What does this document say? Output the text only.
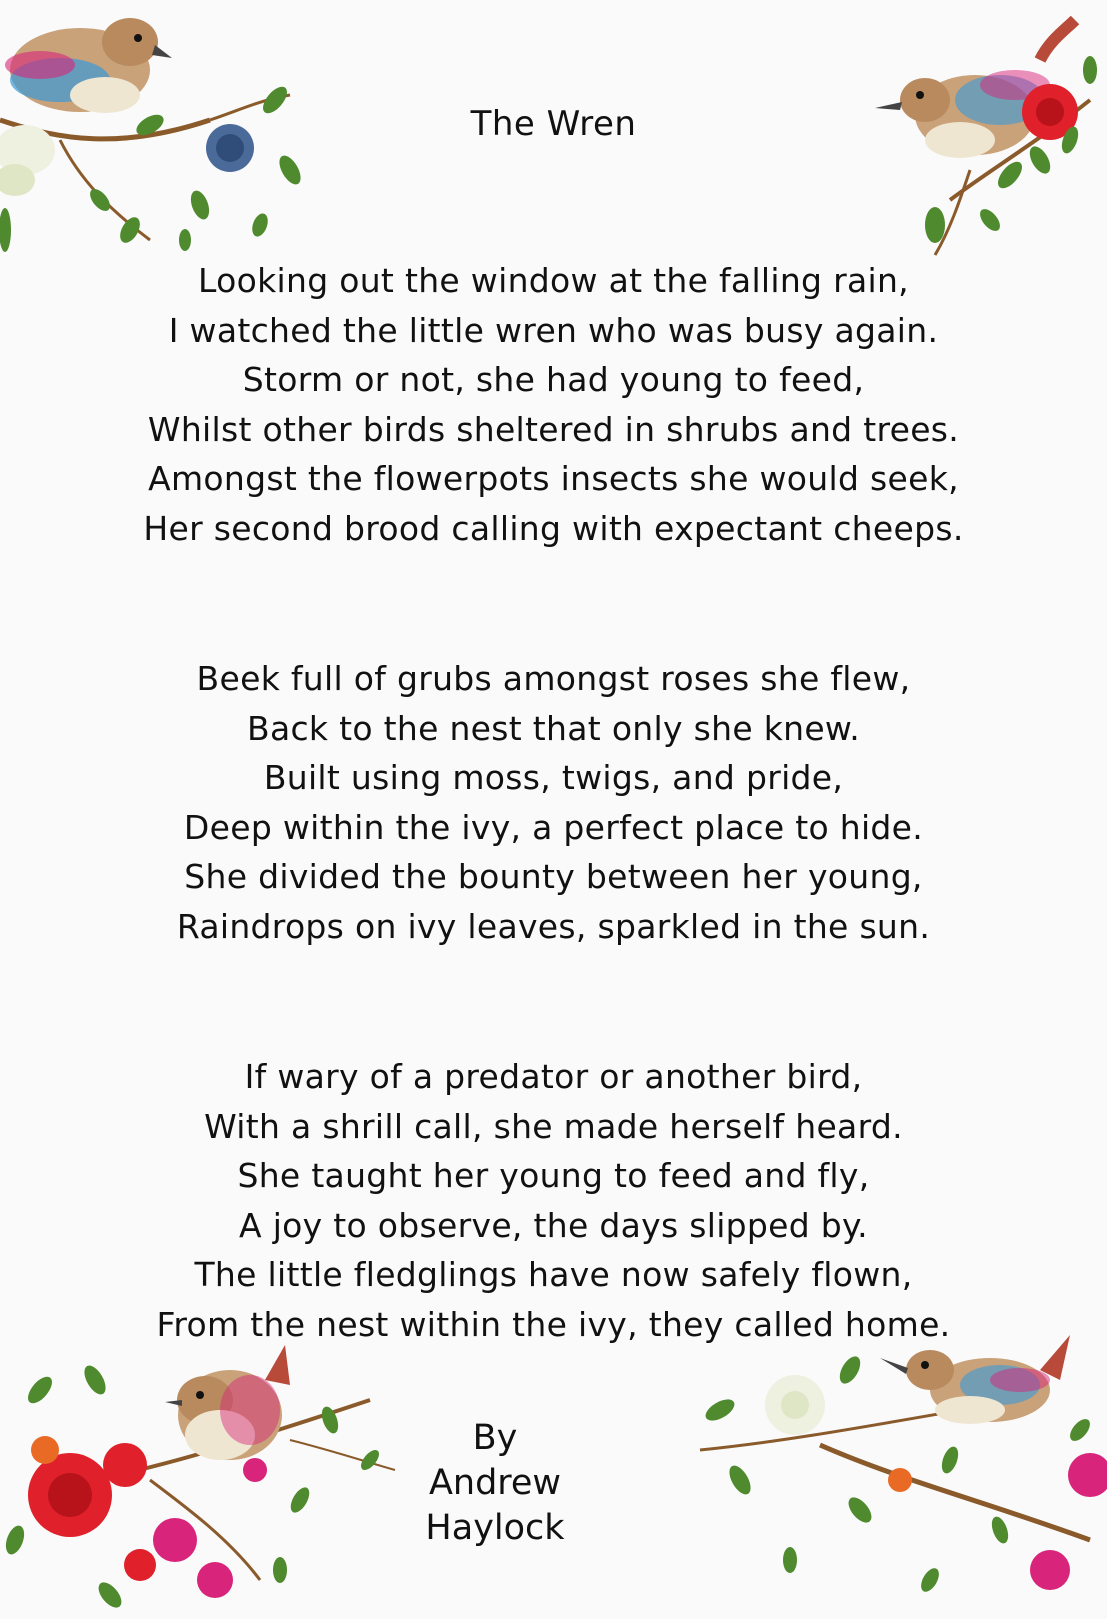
The Wren
Looking out the window at the falling rain,
I watched the little wren who was busy again.
Storm or not, she had young to feed,
Whilst other birds sheltered in shrubs and trees.
Amongst the flowerpots insects she would seek,
Her second brood calling with expectant cheeps.
Beek full of grubs amongst roses she flew,
Back to the nest that only she knew.
Built using moss, twigs, and pride,
Deep within the ivy, a perfect place to hide.
She divided the bounty between her young,
Raindrops on ivy leaves, sparkled in the sun.
If wary of a predator or another bird,
With a shrill call, she made herself heard.
She taught her young to feed and fly,
A joy to observe, the days slipped by.
The little fledglings have now safely flown,
From the nest within the ivy, they called home.
By
Andrew
Haylock
